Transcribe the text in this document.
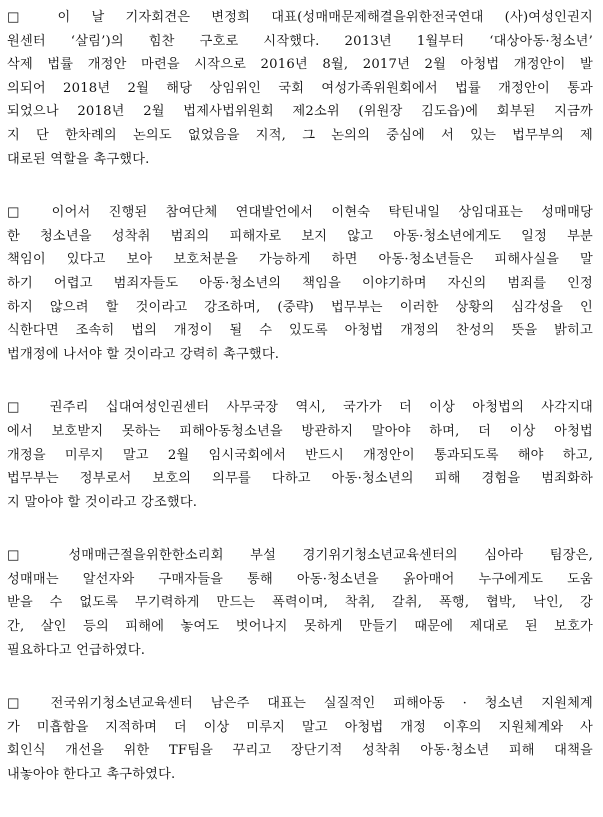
□ 이 날 기자회견은 변정희 대표(성매매문제해결을위한전국연대 (사)여성인권지
원센터 ‘살림’)의 힘찬 구호로 시작했다. 2013년 1월부터 ‘대상아동·청소년’
삭제 법률 개정안 마련을 시작으로 2016년 8월, 2017년 2월 아청법 개정안이 발
의되어 2018년 2월 해당 상임위인 국회 여성가족위원회에서 법률 개정안이 통과
되었으나 2018년 2월 법제사법위원회 제2소위 (위원장 김도읍)에 회부된 지금까
지 단 한차례의 논의도 없었음을 지적, 그 논의의 중심에 서 있는 법무부의 제
대로된 역할을 촉구했다.
□ 이어서 진행된 참여단체 연대발언에서 이현숙 탁틴내일 상임대표는 성매매당
한 청소년을 성착취 범죄의 피해자로 보지 않고 아동·청소년에게도 일정 부분
책임이 있다고 보아 보호처분을 가능하게 하면 아동·청소년들은 피해사실을 말
하기 어렵고 범죄자들도 아동·청소년의 책임을 이야기하며 자신의 범죄를 인정
하지 않으려 할 것이라고 강조하며, (중략) 법무부는 이러한 상황의 심각성을 인
식한다면 조속히 법의 개정이 될 수 있도록 아청법 개정의 찬성의 뜻을 밝히고
법개정에 나서야 할 것이라고 강력히 촉구했다.
□ 권주리 십대여성인권센터 사무국장 역시, 국가가 더 이상 아청법의 사각지대
에서 보호받지 못하는 피해아동청소년을 방관하지 말아야 하며, 더 이상 아청법
개정을 미루지 말고 2월 임시국회에서 반드시 개정안이 통과되도록 해야 하고,
법무부는 정부로서 보호의 의무를 다하고 아동·청소년의 피해 경험을 범죄화하
지 말아야 할 것이라고 강조했다.
□ 성매매근절을위한한소리회 부설 경기위기청소년교육센터의 심아라 팀장은,
성매매는 알선자와 구매자들을 통해 아동·청소년을 옭아매어 누구에게도 도움
받을 수 없도록 무기력하게 만드는 폭력이며, 착취, 갈취, 폭행, 협박, 낙인, 강
간, 살인 등의 피해에 놓여도 벗어나지 못하게 만들기 때문에 제대로 된 보호가
필요하다고 언급하였다.
□ 전국위기청소년교육센터 남은주 대표는 실질적인 피해아동 · 청소년 지원체계
가 미흡함을 지적하며 더 이상 미루지 말고 아청법 개정 이후의 지원체계와 사
회인식 개선을 위한 TF팀을 꾸리고 장단기적 성착취 아동·청소년 피해 대책을
내놓아야 한다고 촉구하였다.
